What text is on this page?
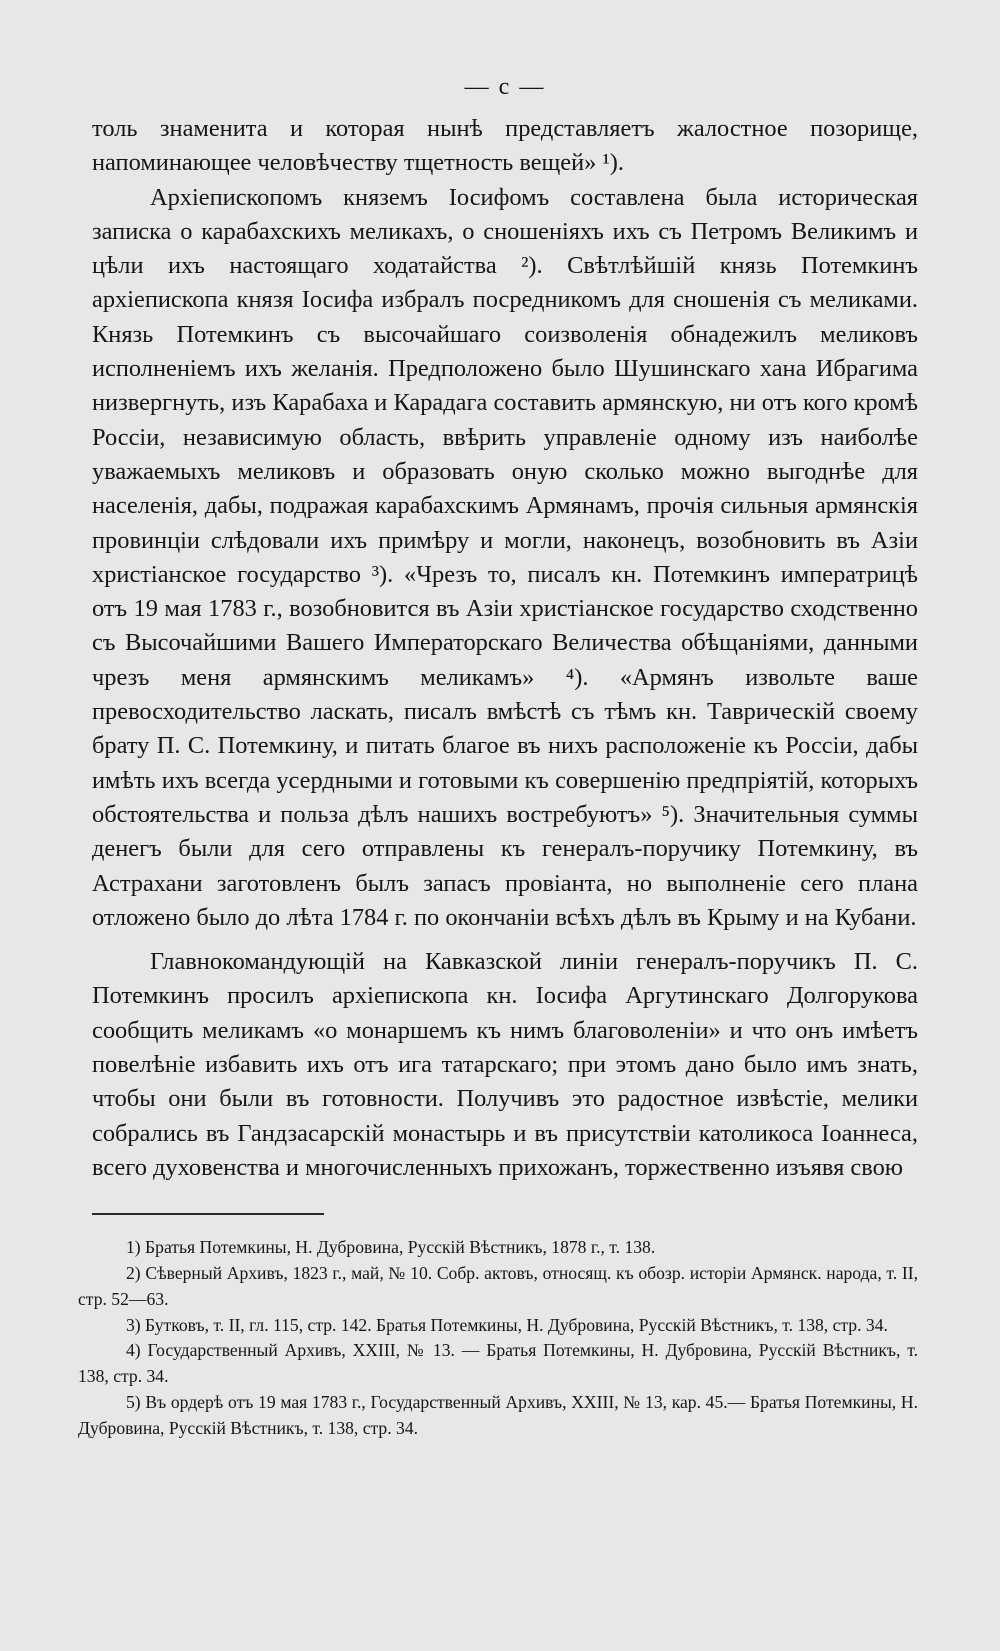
— c —

толь знаменита и которая нынѣ представляетъ жалостное позорище, напоминающее человѣчеству тщетность вещей» ¹).

Архіепископомъ княземъ Іосифомъ составлена была историческая записка о карабахскихъ меликахъ, о сношеніяхъ ихъ съ Петромъ Великимъ и цѣли ихъ настоящаго ходатайства ²). Свѣтлѣйшій князь Потемкинъ архіепископа князя Іосифа избралъ посредникомъ для сношенія съ меликами. Князь Потемкинъ съ высочайшаго соизволенія обнадежилъ меликовъ исполненіемъ ихъ желанія. Предположено было Шушинскаго хана Ибрагима низвергнуть, изъ Карабаха и Карадага составить армянскую, ни отъ кого кромѣ Россіи, независимую область, ввѣрить управленіе одному изъ наиболѣе уважаемыхъ меликовъ и образовать оную сколько можно выгоднѣе для населенія, дабы, подражая карабахскимъ Армянамъ, прочія сильныя армянскія провинціи слѣдовали ихъ примѣру и могли, наконецъ, возобновить въ Азіи христіанское государство ³). «Чрезъ то, писалъ кн. Потемкинъ императрицѣ отъ 19 мая 1783 г., возобновится въ Азіи христіанское государство сходственно съ Высочайшими Вашего Императорскаго Величества обѣщаніями, данными чрезъ меня армянскимъ меликамъ» ⁴). «Армянъ извольте ваше превосходительство ласкать, писалъ вмѣстѣ съ тѣмъ кн. Таврическій своему брату П. С. Потемкину, и питать благое въ нихъ расположеніе къ Россіи, дабы имѣть ихъ всегда усердными и готовыми къ совершенію предпріятій, которыхъ обстоятельства и польза дѣлъ нашихъ востребуютъ» ⁵). Значительныя суммы денегъ были для сего отправлены къ генералъ-поручику Потемкину, въ Астрахани заготовленъ былъ запасъ провіанта, но выполненіе сего плана отложено было до лѣта 1784 г. по окончаніи всѣхъ дѣлъ въ Крыму и на Кубани.

Главнокомандующій на Кавказской линіи генералъ-поручикъ П. С. Потемкинъ просилъ архіепископа кн. Іосифа Аргутинскаго Долгорукова сообщить меликамъ «о монаршемъ къ нимъ благоволеніи» и что онъ имѣетъ повелѣніе избавить ихъ отъ ига татарскаго; при этомъ дано было имъ знать, чтобы они были въ готовности. Получивъ это радостное извѣстіе, мелики собрались въ Гандзасарскій монастырь и въ присутствіи католикоса Іоаннеса, всего духовенства и многочисленныхъ прихожанъ, торжественно изъявя свою

1) Братья Потемкины, Н. Дубровина, Русскій Вѣстникъ, 1878 г., т. 138.

2) Сѣверный Архивъ, 1823 г., май, № 10. Собр. актовъ, относящ. къ обозр. исторіи Армянск. народа, т. II, стр. 52—63.

3) Бутковъ, т. II, гл. 115, стр. 142. Братья Потемкины, Н. Дубровина, Русскій Вѣстникъ, т. 138, стр. 34.

4) Государственный Архивъ, XXIII, № 13. — Братья Потемкины, Н. Дубровина, Русскій Вѣстникъ, т. 138, стр. 34.

5) Въ ордерѣ отъ 19 мая 1783 г., Государственный Архивъ, XXIII, № 13, кар. 45.— Братья Потемкины, Н. Дубровина, Русскій Вѣстникъ, т. 138, стр. 34.
